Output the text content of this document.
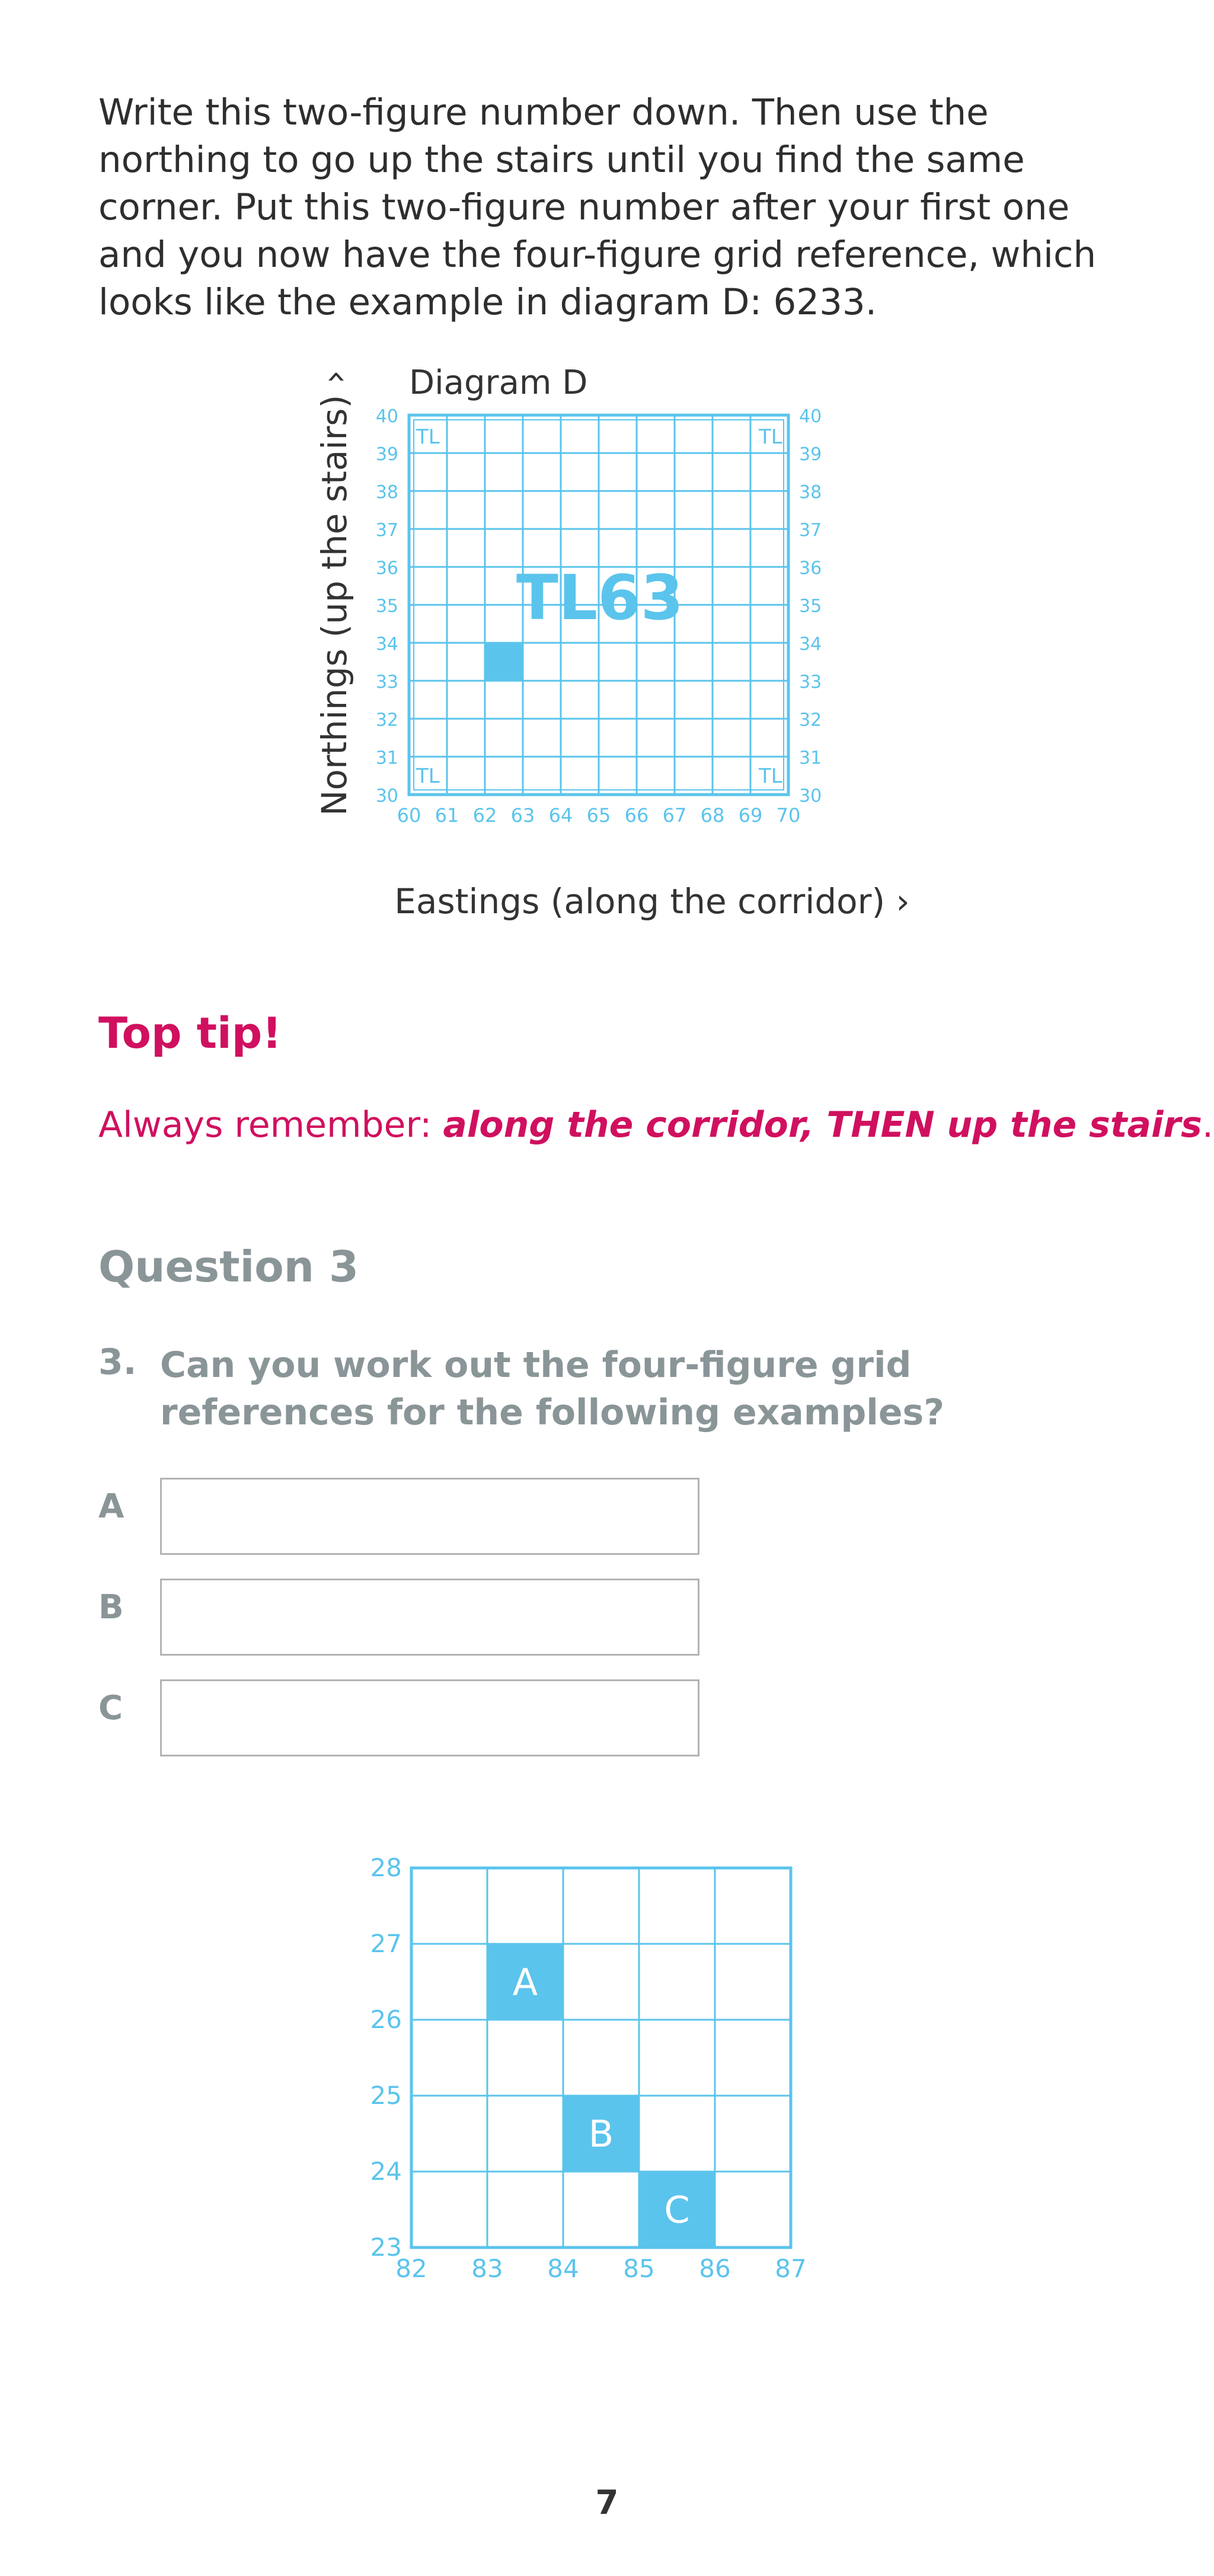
Write this two-figure number down. Then use the northing to go up the stairs until you find the same corner. Put this two-figure number after your first one and you now have the four-figure grid reference, which looks like the example in diagram D: 6233.

Diagram D
Northings (up the stairs) › 60 61 62 63 64 65 66 67 68 69 70
30	30
31	31
32	32
33	33
34	34
35	35
36	36
37	37
38	38
39	39
40	40
TL63
TL	TL
TL	TL
Eastings (along the corridor) ›

Top tip!

Always remember: along the corridor, THEN up the stairs.

Question 3

3. Can you work out the four-figure grid references for the following examples?

A

B

C

A
B
C
82 83 84 85 86 87
23
24
25
26
27
28

7
